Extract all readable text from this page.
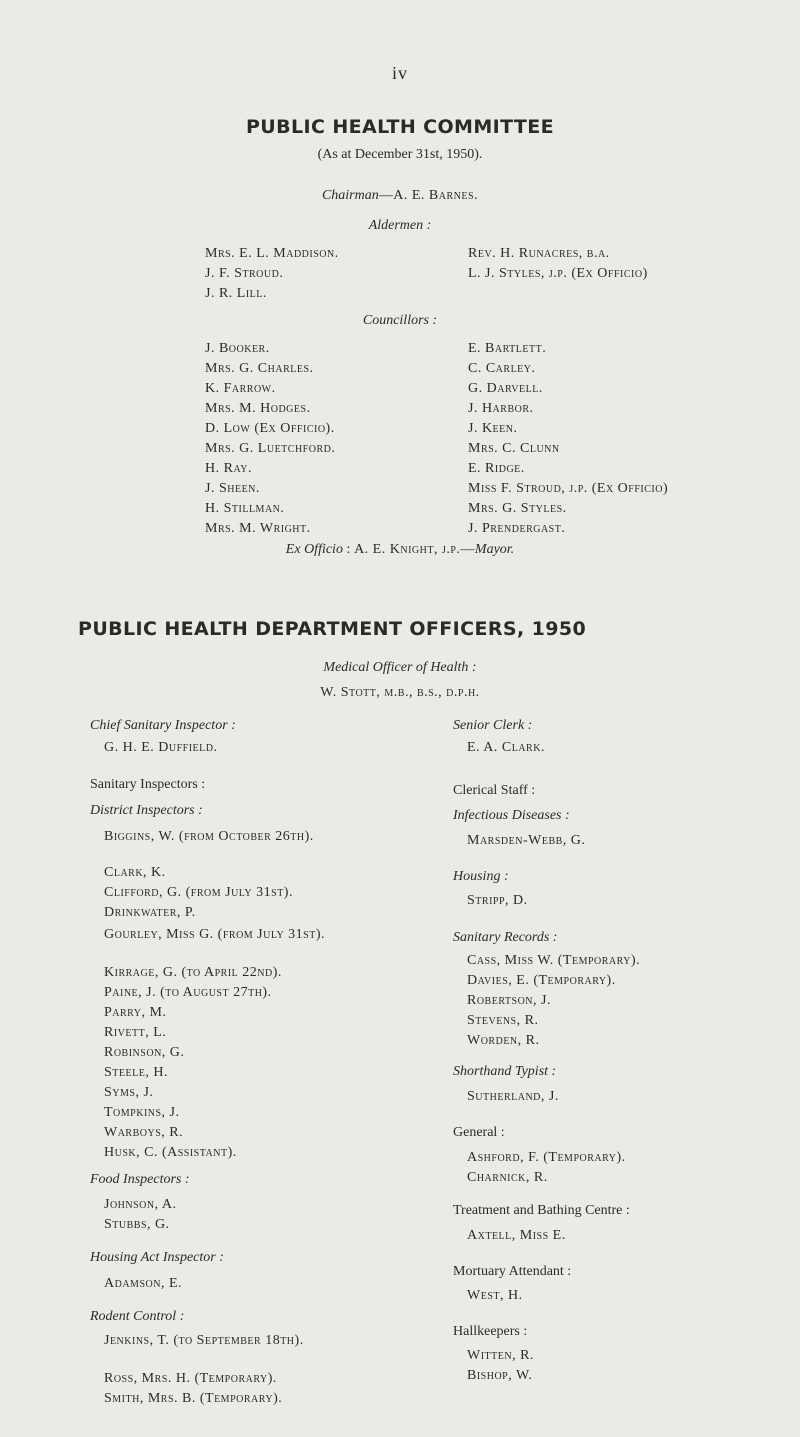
iv
PUBLIC HEALTH COMMITTEE
(As at December 31st, 1950).
Chairman—A. E. Barnes.
Aldermen :
Mrs. E. L. Maddison.
J. F. Stroud.
J. R. Lill.
Rev. H. Runacres, b.a.
L. J. Styles, j.p. (Ex Officio)
Councillors :
J. Booker.
Mrs. G. Charles.
K. Farrow.
Mrs. M. Hodges.
D. Low (Ex Officio).
Mrs. G. Luetchford.
H. Ray.
J. Sheen.
H. Stillman.
Mrs. M. Wright.
E. Bartlett.
C. Carley.
G. Darvell.
J. Harbor.
J. Keen.
Mrs. C. Clunn
E. Ridge.
Miss F. Stroud, j.p. (Ex Officio)
Mrs. G. Styles.
J. Prendergast.
Ex Officio : A. E. Knight, j.p.—Mayor.
PUBLIC HEALTH DEPARTMENT OFFICERS, 1950
Medical Officer of Health :
W. Stott, m.b., b.s., d.p.h.
Chief Sanitary Inspector :
G. H. E. Duffield.
Sanitary Inspectors :
District Inspectors :
Biggins, W. (from October 26th).
Clark, K.
Clifford, G. (from July 31st).
Drinkwater, P.
Gourley, Miss G. (from July 31st).
Kirrage, G. (to April 22nd).
Paine, J. (to August 27th).
Parry, M.
Rivett, L.
Robinson, G.
Steele, H.
Syms, J.
Tompkins, J.
Warboys, R.
Husk, C. (Assistant).
Food Inspectors :
Johnson, A.
Stubbs, G.
Housing Act Inspector :
Adamson, E.
Rodent Control :
Jenkins, T. (to September 18th).
Ross, Mrs. H. (Temporary).
Smith, Mrs. B. (Temporary).
Senior Clerk :
E. A. Clark.
Clerical Staff :
Infectious Diseases :
Marsden-Webb, G.
Housing :
Stripp, D.
Sanitary Records :
Cass, Miss W. (Temporary).
Davies, E. (Temporary).
Robertson, J.
Stevens, R.
Worden, R.
Shorthand Typist :
Sutherland, J.
General :
Ashford, F. (Temporary).
Charnick, R.
Treatment and Bathing Centre :
Axtell, Miss E.
Mortuary Attendant :
West, H.
Hallkeepers :
Witten, R.
Bishop, W.
